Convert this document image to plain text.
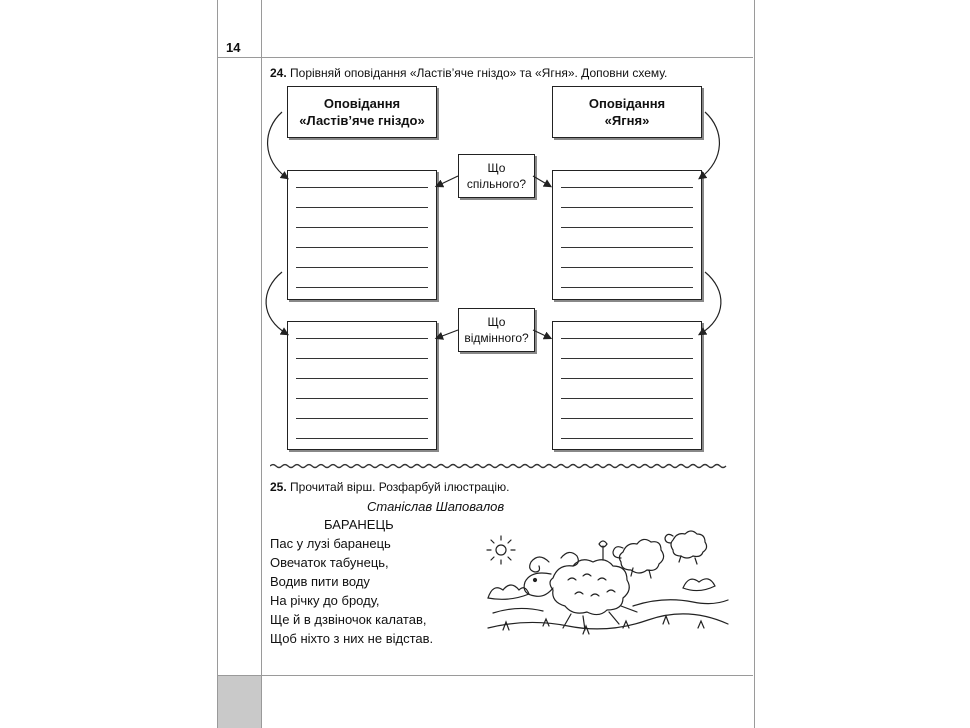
14
24. Порівняй оповідання «Ластів’яче гніздо» та «Ягня». Доповни схему.
Оповідання
«Ластів’яче гніздо»
Оповідання
«Ягня»
Що
спільного?
Що
відмінного?
25. Прочитай вірш. Розфарбуй ілюстрацію.
Станіслав Шаповалов
БАРАНЕЦЬ
Пас у лузі баранець
Овечаток табунець,
Водив пити воду
На річку до броду,
Ще й в дзвіночок калатав,
Щоб ніхто з них не відстав.
